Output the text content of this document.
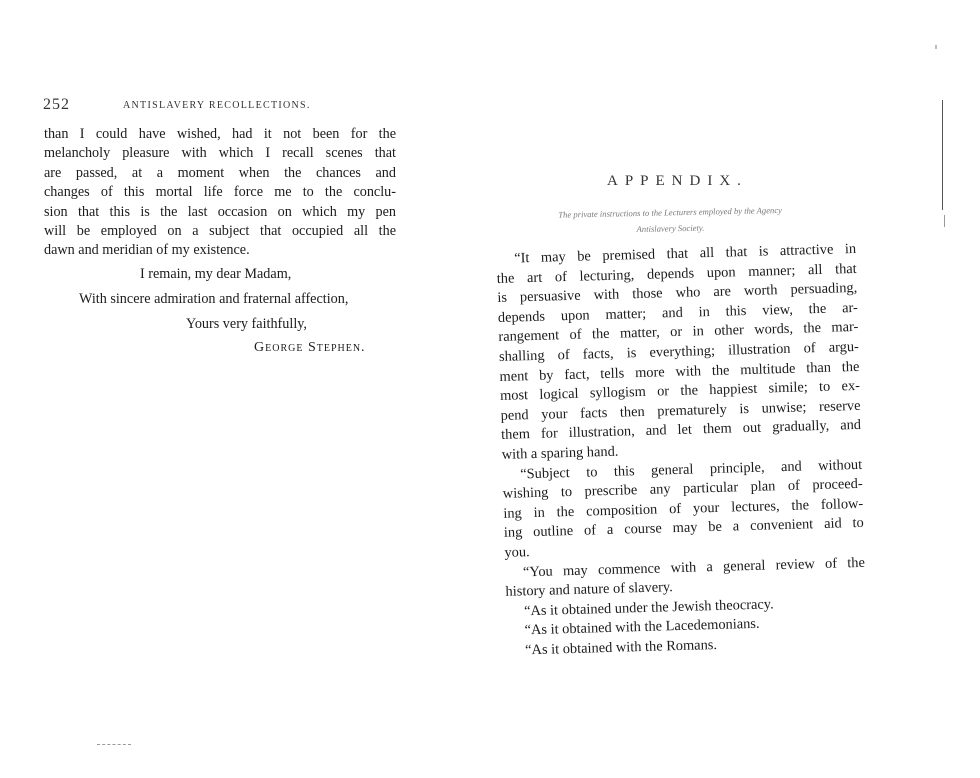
252	ANTISLAVERY RECOLLECTIONS.
than I could have wished, had it not been for the
melancholy pleasure with which I recall scenes that
are passed, at a moment when the chances and
changes of this mortal life force me to the conclu-
sion that this is the last occasion on which my pen
will be employed on a subject that occupied all the
dawn and meridian of my existence.
I remain, my dear Madam,
With sincere admiration and fraternal affection,
Yours very faithfully,
George Stephen.
APPENDIX.
The private instructions to the Lecturers employed by the Agency
Antislavery Society.
“It may be premised that all that is attractive in
the art of lecturing, depends upon manner; all that
is persuasive with those who are worth persuading,
depends upon matter; and in this view, the ar-
rangement of the matter, or in other words, the mar-
shalling of facts, is everything; illustration of argu-
ment by fact, tells more with the multitude than the
most logical syllogism or the happiest simile; to ex-
pend your facts then prematurely is unwise; reserve
them for illustration, and let them out gradually, and
with a sparing hand.
“Subject to this general principle, and without
wishing to prescribe any particular plan of proceed-
ing in the composition of your lectures, the follow-
ing outline of a course may be a convenient aid to
you.
“You may commence with a general review of the
history and nature of slavery.
“As it obtained under the Jewish theocracy.
“As it obtained with the Lacedemonians.
“As it obtained with the Romans.
